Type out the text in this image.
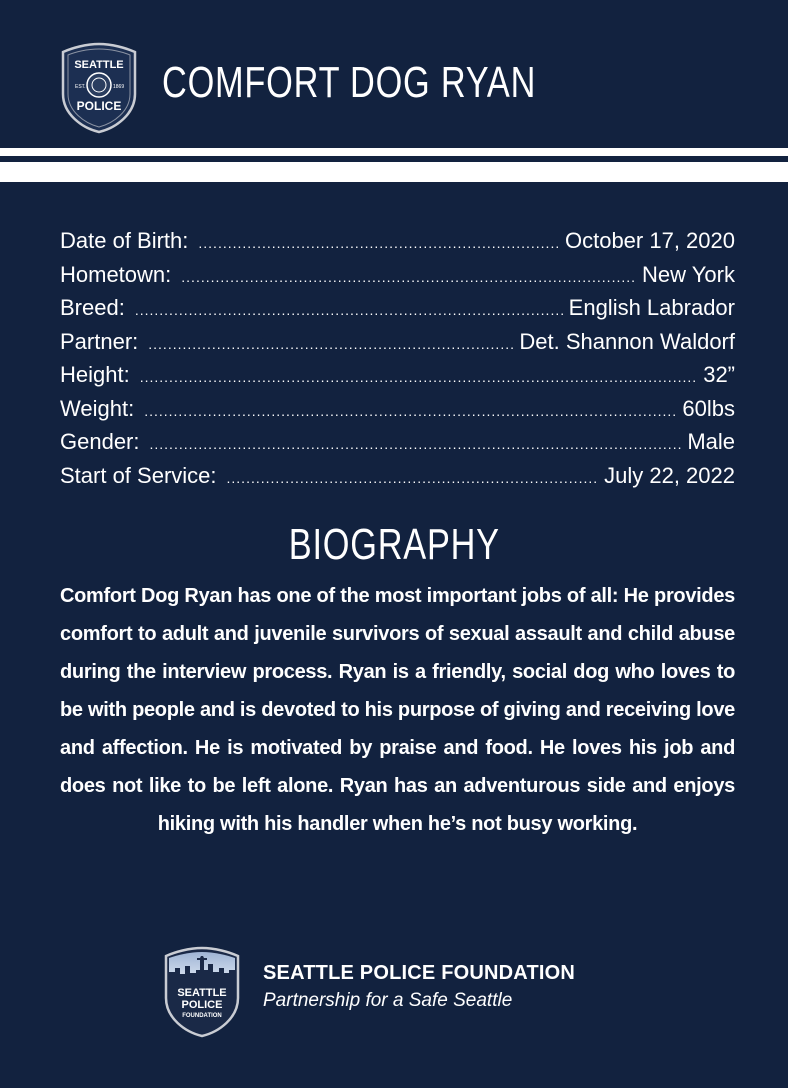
SEATTLE
EST.	1869
POLICE COMFORT DOG RYAN
Date of Birth: .....	October 17, 2020
Hometown: .....	New York
Breed: .....	English Labrador
Partner: .....	Det. Shannon Waldorf
Height: .....	32”
Weight: .....	60lbs
Gender: .....	Male
Start of Service: .....	July 22, 2022
BIOGRAPHY
Comfort Dog Ryan has one of the most important jobs of all: He provides comfort to adult and juvenile survivors of sexual assault and child abuse during the interview process. Ryan is a friendly, social dog who loves to be with people and is devoted to his purpose of giving and receiving love and affection. He is motivated by praise and food. He loves his job and does not like to be left alone. Ryan has an adventurous side and enjoys hiking with his handler when he’s not busy working.
SEATTLE
POLICE
FOUNDATION
SEATTLE POLICE FOUNDATION
Partnership for a Safe Seattle
